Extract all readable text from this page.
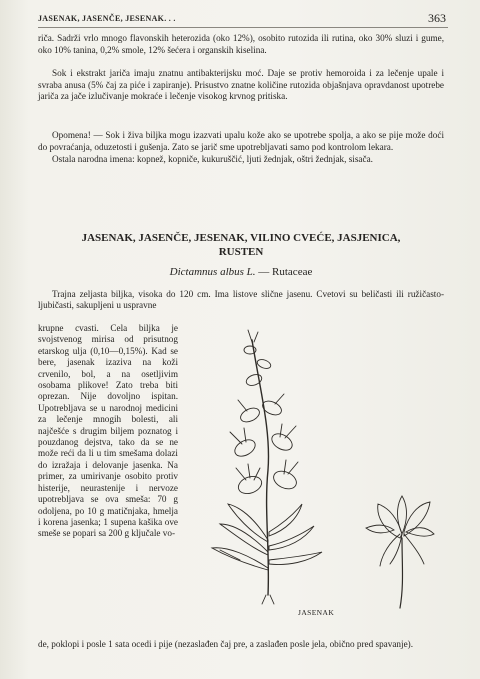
JASENAK, JASENČE, JESENAK. . .	363

riča. Sadrži vrlo mnogo flavonskih heterozida (oko 12%), osobito rutozida ili rutina, oko 30% sluzi i gume, oko 10% tanina, 0,2% smole, 12% šećera i organskih kiselina.

Sok i ekstrakt jariča imaju znatnu antibakterijsku moć. Daje se protiv hemoroida i za lečenje upale i svraba anusa (5% čaj za piće i zapiranje). Prisustvo znatne količine rutozida objašnjava opravdanost upotrebe jariča za jače izlučivanje mokraće i lečenje visokog krvnog pritiska.

Opomena! — Sok i živa biljka mogu izazvati upalu kože ako se upotrebe spolja, a ako se pije može doći do povraćanja, oduzetosti i gušenja. Zato se jarič sme upotrebljavati samo pod kontrolom lekara.

Ostala narodna imena: kopnež, kopniče, kukuruščić, ljuti žednjak, oštri žednjak, sisača.

JASENAK, JASENČE, JESENAK, VILINO CVEĆE, JASJENICA,
RUSTEN
Dictamnus albus L. — Rutaceae

Trajna zeljasta biljka, visoka do 120 cm. Ima listove slične jasenu. Cvetovi su beličasti ili ružičasto-ljubičasti, sakupljeni u uspravne

krupne cvasti. Cela biljka je svojstvenog mirisa od prisutnog etarskog ulja (0,10—0,15%). Kad se bere, jasenak izaziva na koži crvenilo, bol, a na osetljivim osobama plikove! Zato treba biti oprezan. Nije dovoljno ispitan. Upotrebljava se u narodnoj medicini za lečenje mnogih bolesti, ali najčešće s drugim biljem poznatog i pouzdanog dejstva, tako da se ne može reći da li u tim smešama dolazi do izražaja i delovanje jasenka. Na primer, za umirivanje osobito protiv histerije, neurastenije i nervoze upotrebljava se ova smeša: 70 g odoljena, po 10 g matičnjaka, hmelja i korena jasenka; 1 supena kašika ove smeše se popari sa 200 g ključale vo-

de, poklopi i posle 1 sata ocedi i pije (nezaslađen čaj pre, a zaslađen posle jela, obično pred spavanje).

JASENAK
